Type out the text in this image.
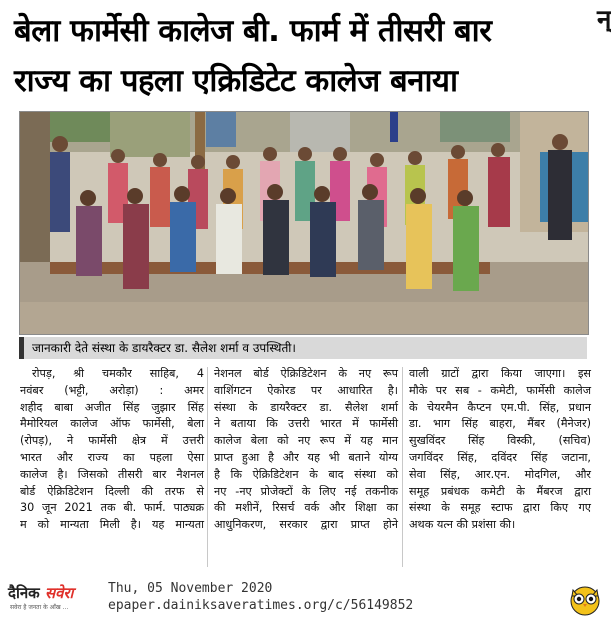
बेला फार्मेसी कालेज बी. फार्म में तीसरी बार
राज्य का पहला एक्रिडिटेट कालेज बनाया
न्
जानकारी देते संस्था के डायरैक्टर डा. सैलेश शर्मा व उपस्थिती।
रोपड़, श्री चमकौर साहिब, 4
नवंबर (भट्टी, अरोड़ा) : अमर
शहीद बाबा अजीत सिंह जुझार सिंह
मैमोरियल कालेज ऑफ फार्मेसी, बेला
(रोपड़), ने फार्मेसी क्षेत्र में उत्तरी
भारत और राज्य का पहला ऐसा
कालेज है। जिसको तीसरी बार नैशनल
बोर्ड ऐक्रिडिटेशन दिल्ली की तरफ से
30 जून 2021 तक बी. फार्म. पाठ्यक्र
म को मान्यता मिली है। यह मान्यता
नेशनल बोर्ड ऐक्रिडिटेशन के नए रूप
वाशिंगटन ऐकोरड पर आधारित है।
संस्था के डायरैक्टर डा. सैलेश शर्मा
ने बताया कि उत्तरी भारत में फार्मेसी
कालेज बेला को नए रूप में यह मान
प्राप्त हुआ है और यह भी बताने योग्य
है कि ऐक्रिडिटेशन के बाद संस्था को
नए -नए प्रोजेक्टों के लिए नई तकनीक
की मशीनें, रिसर्च वर्क और शिक्षा का
आधुनिकरण, सरकार द्वारा प्राप्त होने
वाली ग्राटों द्वारा किया जाएगा। इस
मौके पर सब - कमेटी, फार्मेसी कालेज
के चेयरमैन कैप्टन एम.पी. सिंह, प्रधान
डा. भाग सिंह बाहरा, मैंबर (मैनेजर)
सुखविंदर सिंह विस्की, (सचिव)
जगविंदर सिंह, दविंदर सिंह जटाना,
सेवा सिंह, आर.एन. मोदगिल, और
समूह प्रबंधक कमेटी के मैंबरज द्वारा
संस्था के समूह स्टाफ द्वारा किए गए
अथक यत्न की प्रशंसा की।
दैनिक सवेरा
सवेरा है जनता के आँख ...
Thu, 05 November 2020
epaper.dainiksaveratimes.org/c/56149852
